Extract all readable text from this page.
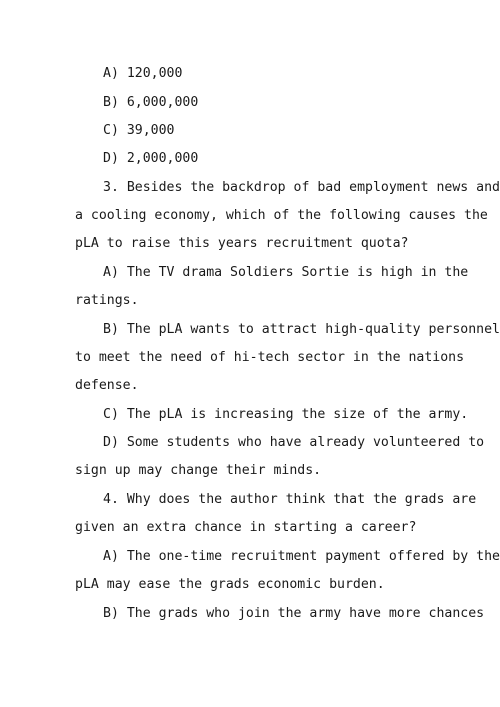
A) 120,000
B) 6,000,000
C) 39,000
D) 2,000,000
3. Besides the backdrop of bad employment news and
a cooling economy, which of the following causes the
pLA to raise this years recruitment quota?
A) The TV drama Soldiers Sortie is high in the
ratings.
B) The pLA wants to attract high-quality personnel
to meet the need of hi-tech sector in the nations
defense.
C) The pLA is increasing the size of the army.
D) Some students who have already volunteered to
sign up may change their minds.
4. Why does the author think that the grads are
given an extra chance in starting a career?
A) The one-time recruitment payment offered by the
pLA may ease the grads economic burden.
B) The grads who join the army have more chances
